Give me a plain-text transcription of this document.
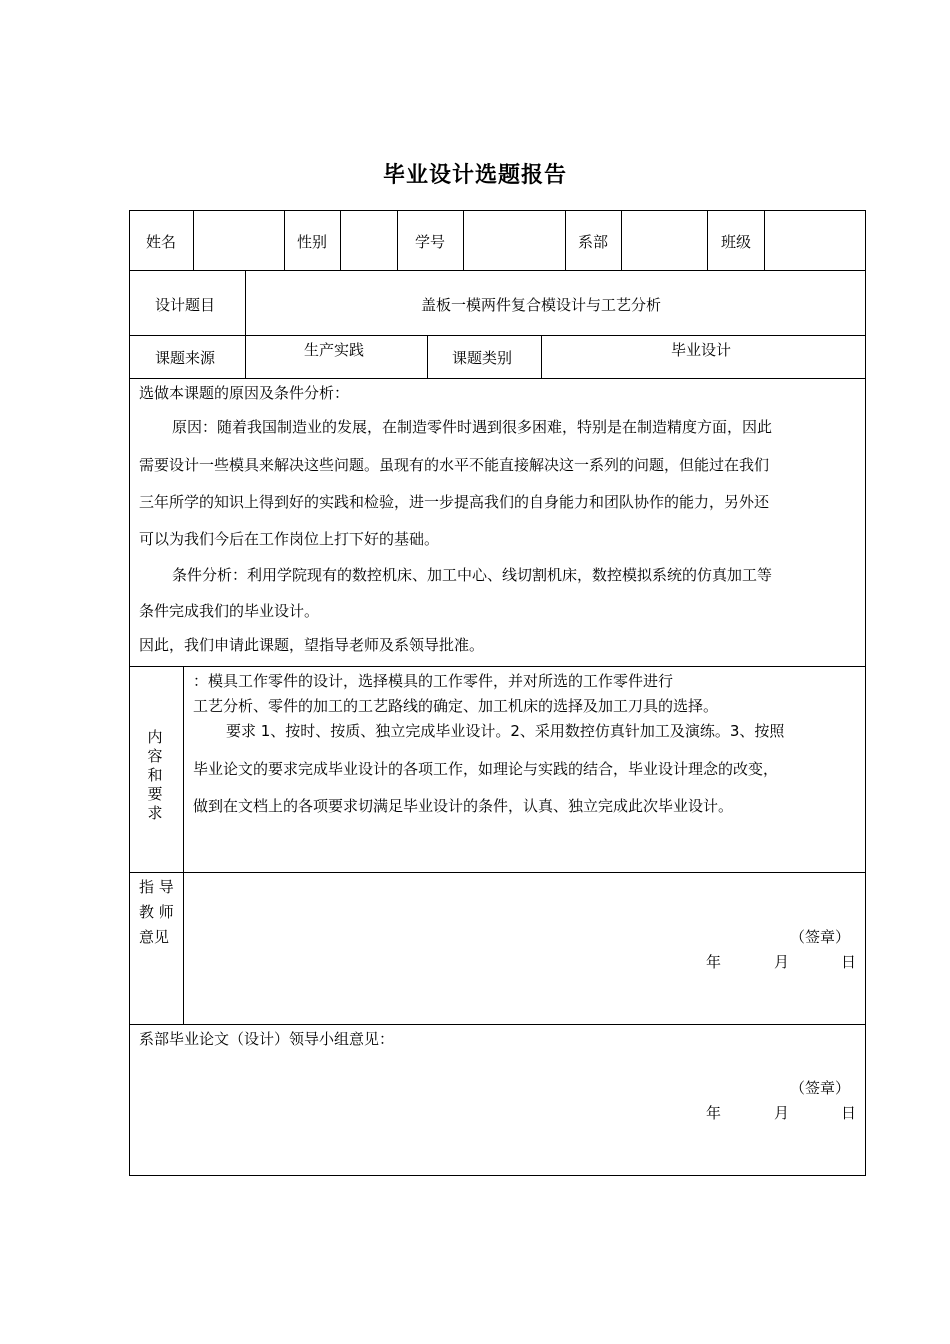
毕业设计选题报告
姓名	性别	学号	系部	班级
设计题目	盖板一模两件复合模设计与工艺分析
课题来源	生产实践	课题类别	毕业设计
选做本课题的原因及条件分析：
原因：随着我国制造业的发展，在制造零件时遇到很多困难，特别是在制造精度方面，因此
需要设计一些模具来解决这些问题。虽现有的水平不能直接解决这一系列的问题，但能过在我们
三年所学的知识上得到好的实践和检验，进一步提高我们的自身能力和团队协作的能力，另外还
可以为我们今后在工作岗位上打下好的基础。
条件分析：利用学院现有的数控机床、加工中心、线切割机床，数控模拟系统的仿真加工等
条件完成我们的毕业设计。
因此，我们申请此课题，望指导老师及系领导批准。
内容和要求
：模具工作零件的设计，选择模具的工作零件，并对所选的工作零件进行
工艺分析、零件的加工的工艺路线的确定、加工机床的选择及加工刀具的选择。
要求 1、按时、按质、独立完成毕业设计。2、采用数控仿真针加工及演练。3、按照
毕业论文的要求完成毕业设计的各项工作，如理论与实践的结合，毕业设计理念的改变，
做到在文档上的各项要求切满足毕业设计的条件，认真、独立完成此次毕业设计。
指 导
教 师
意见	（签章）
年	月	日
系部毕业论文（设计）领导小组意见：
（签章）
年	月	日
